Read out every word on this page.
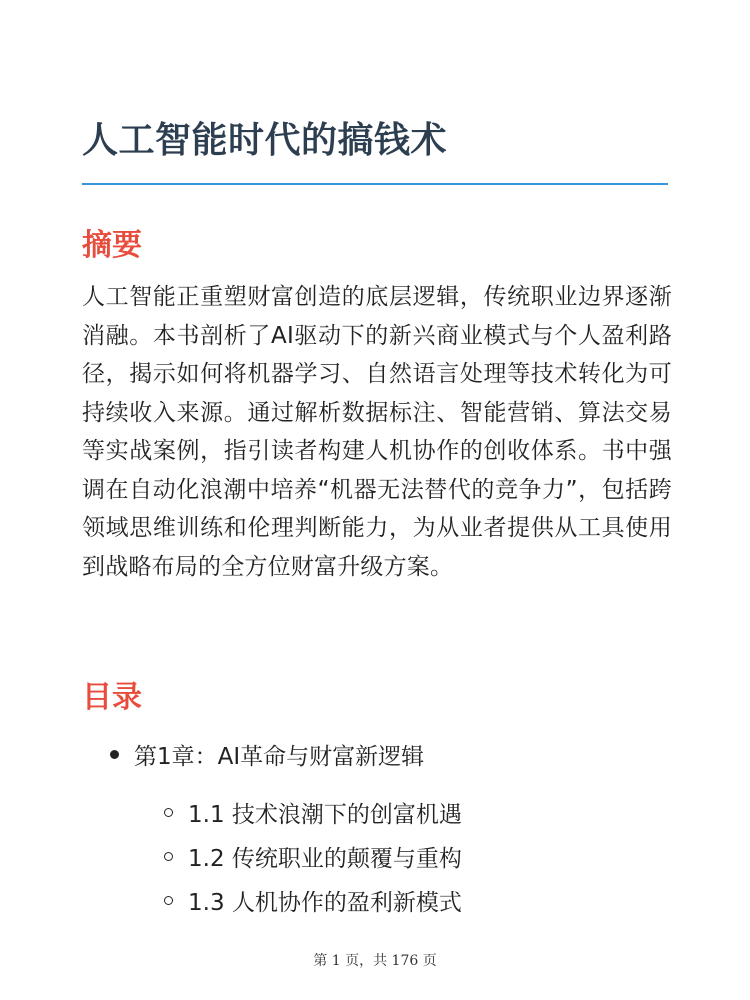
人工智能时代的搞钱术
摘要

人工智能正重塑财富创造的底层逻辑，传统职业边界逐渐消融。本书剖析了AI驱动下的新兴商业模式与个人盈利路径，揭示如何将机器学习、自然语言处理等技术转化为可持续收入来源。通过解析数据标注、智能营销、算法交易等实战案例，指引读者构建人机协作的创收体系。书中强调在自动化浪潮中培养“机器无法替代的竞争力”，包括跨领域思维训练和伦理判断能力，为从业者提供从工具使用到战略布局的全方位财富升级方案。

目录
第1章：AI革命与财富新逻辑
1.1 技术浪潮下的创富机遇
1.2 传统职业的颠覆与重构
1.3 人机协作的盈利新模式
第 1 页，共 176 页
